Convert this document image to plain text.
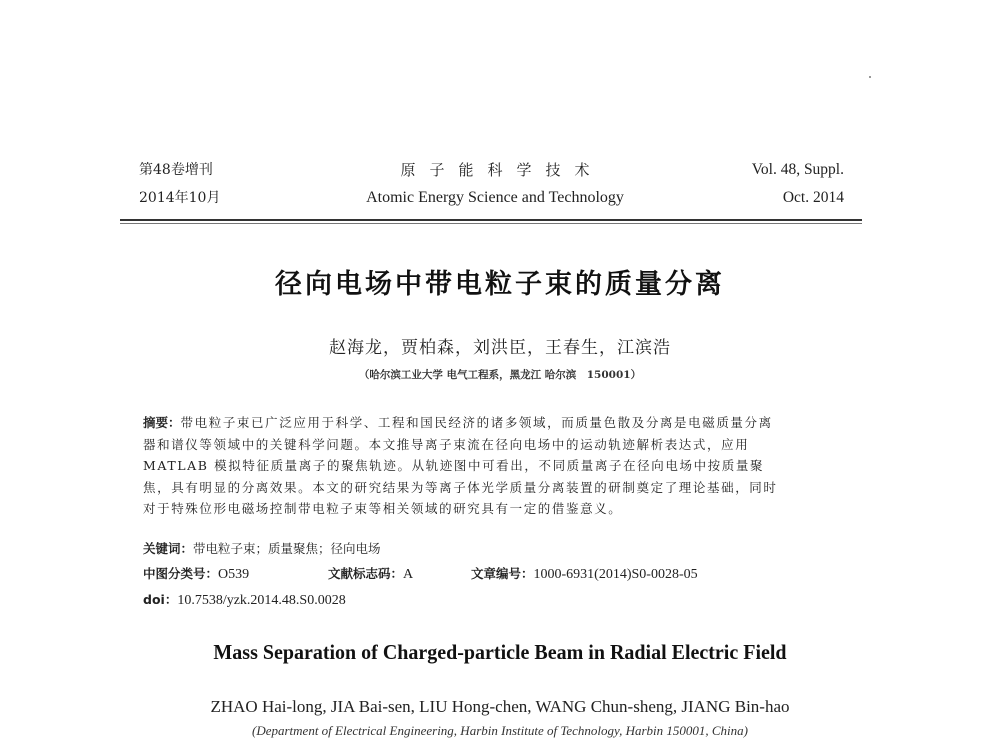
第48卷增刊
2014年10月
原子能科学技术
Atomic Energy Science and Technology
Vol. 48, Suppl.
Oct. 2014
径向电场中带电粒子束的质量分离
赵海龙，贾柏森，刘洪臣，王春生，江滨浩
（哈尔滨工业大学 电气工程系，黑龙江 哈尔滨　150001）
摘要：带电粒子束已广泛应用于科学、工程和国民经济的诸多领域，而质量色散及分离是电磁质量分离
器和谱仪等领域中的关键科学问题。本文推导离子束流在径向电场中的运动轨迹解析表达式，应用
MATLAB 模拟特征质量离子的聚焦轨迹。从轨迹图中可看出，不同质量离子在径向电场中按质量聚
焦，具有明显的分离效果。本文的研究结果为等离子体光学质量分离装置的研制奠定了理论基础，同时
对于特殊位形电磁场控制带电粒子束等相关领域的研究具有一定的借鉴意义。
关键词：带电粒子束；质量聚焦；径向电场
中图分类号：O539	文献标志码：A	文章编号：1000-6931(2014)S0-0028-05
doi：10.7538/yzk.2014.48.S0.0028
Mass Separation of Charged-particle Beam in Radial Electric Field
ZHAO Hai-long, JIA Bai-sen, LIU Hong-chen, WANG Chun-sheng, JIANG Bin-hao
(Department of Electrical Engineering, Harbin Institute of Technology, Harbin 150001, China)
